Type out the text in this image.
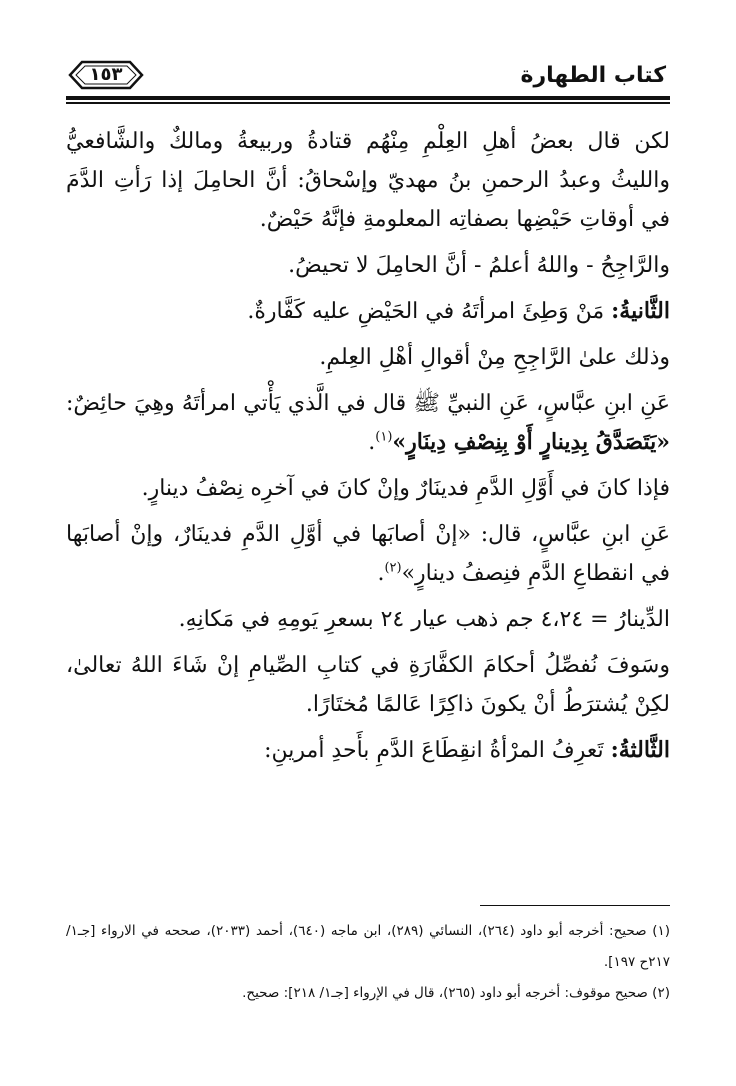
كتاب الطهارة
١٥٣

لكن قال بعضُ أهلِ العِلْمِ مِنْهُم قتادةُ وربيعةُ ومالكٌ والشَّافعيُّ والليثُ وعبدُ الرحمنِ بنُ مهديّ وإسْحاقُ: أنَّ الحامِلَ إذا رَأتِ الدَّمَ في أوقاتِ حَيْضِها بصفاتِه المعلومةِ فإنَّهُ حَيْضٌ.

والرَّاجِحُ - واللهُ أعلمُ - أنَّ الحامِلَ لا تحيضُ.

الثَّانيةُ: مَنْ وَطِئَ امرأتَهُ في الحَيْضِ عليه كَفَّارةٌ.

وذلك علىٰ الرَّاجِحِ مِنْ أقوالِ أهْلِ العِلمِ.

عَنِ ابنِ عبَّاسٍ، عَنِ النبيِّ ﷺ قال في الَّذي يَأْتي امرأتَهُ وهِيَ حائِضٌ: «يَتَصَدَّقُ بِدِينارٍ أَوْ بِنِصْفِ دِينَارٍ»$^{(١)}$.

فإذا كانَ في أَوَّلِ الدَّمِ فدينَارٌ وإنْ كانَ في آخرِه نِصْفُ دينارٍ.

عَنِ ابنِ عبَّاسٍ، قال: «إنْ أصابَها في أوَّلِ الدَّمِ فدينَارٌ، وإنْ أصابَها في انقطاعِ الدَّمِ فنِصفُ دينارٍ»$^{(٢)}$.

الدِّينارُ = ٤،٢٤ جم ذهب عيار ٢٤ بسعرِ يَومِهِ في مَكانِهِ.

وسَوفَ نُفصِّلُ أحكامَ الكفَّارَةِ في كتابِ الصِّيامِ إنْ شَاءَ اللهُ تعالىٰ، لكِنْ يُشترَطُ أنْ يكونَ ذاكِرًا عَالمًا مُختَارًا.

الثَّالثةُ: تَعرِفُ المرْأةُ انقِطَاعَ الدَّمِ بأَحدِ أمرينِ:

(١) صحيح: أخرجه أبو داود (٢٦٤)، النسائي (٢٨٩)، ابن ماجه (٦٤٠)، أحمد (٢٠٣٣)، صححه في الارواء [جـ١/ ٢١٧ح ١٩٧].

(٢) صحيح موقوف: أخرجه أبو داود (٢٦٥)، قال في الإرواء [جـ١/ ٢١٨]: صحيح.
